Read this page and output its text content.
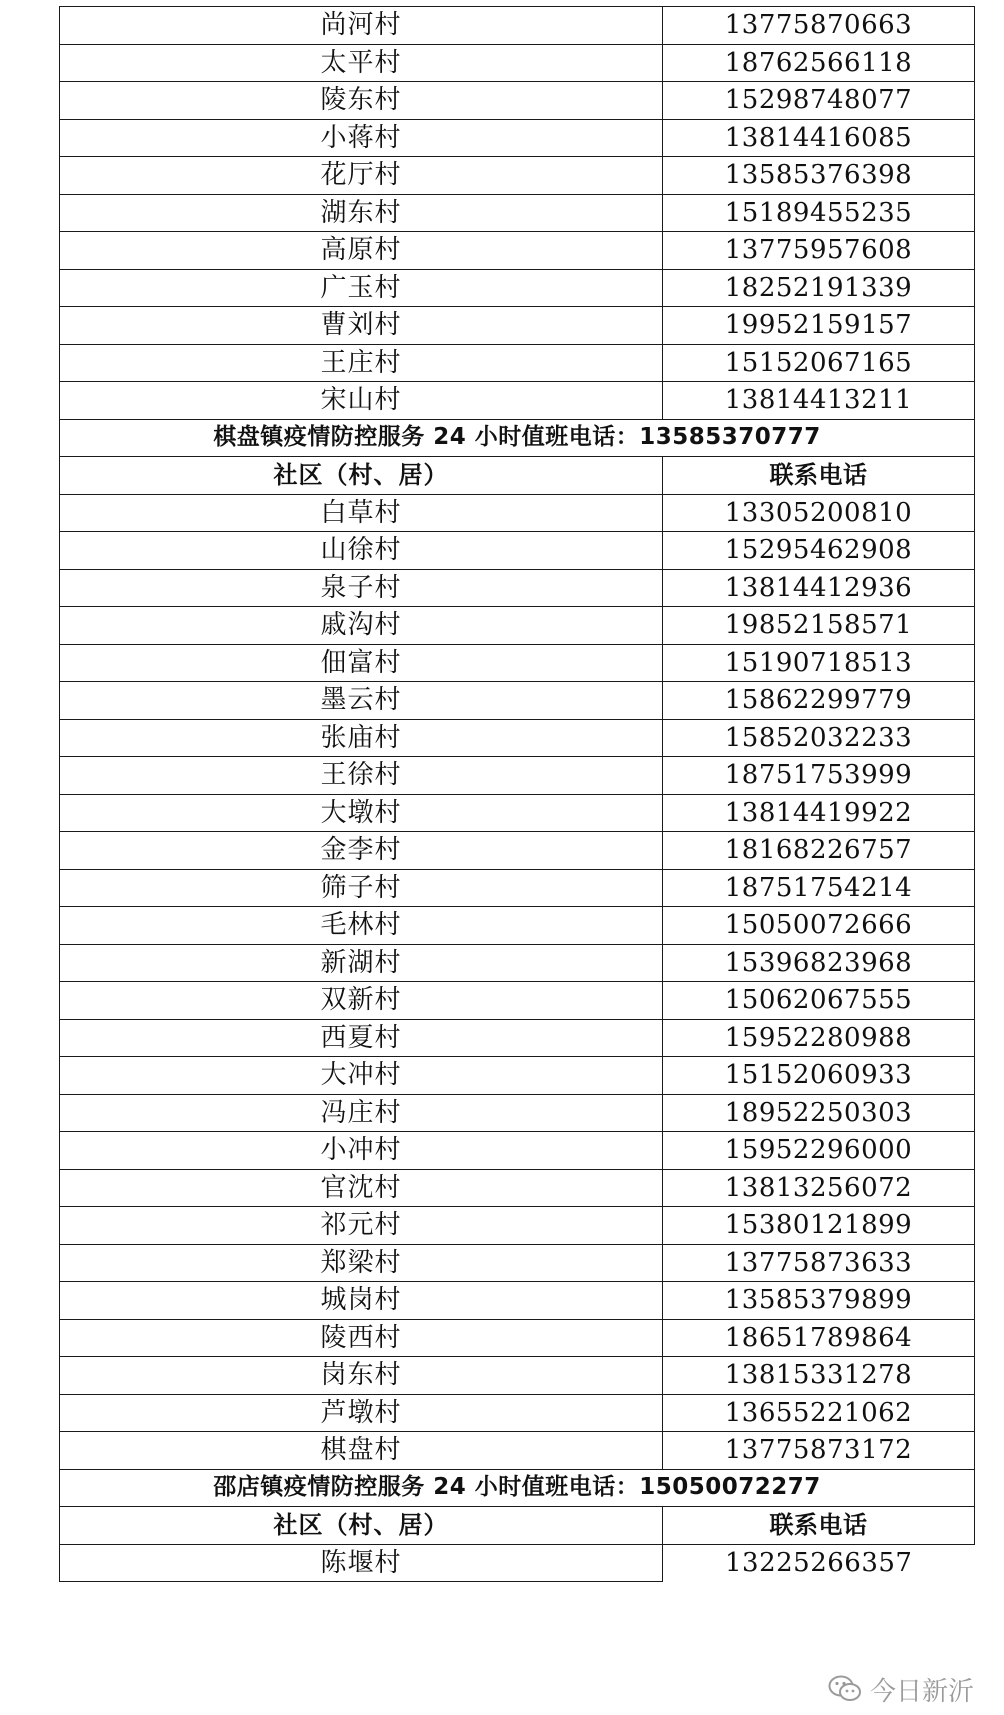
尚河村	13775870663
太平村	18762566118
陵东村	15298748077
小蒋村	13814416085
花厅村	13585376398
湖东村	15189455235
高原村	13775957608
广玉村	18252191339
曹刘村	19952159157
王庄村	15152067165
宋山村	13814413211
棋盘镇疫情防控服务 24 小时值班电话：13585370777	
社区（村、居）	联系电话
白草村	13305200810
山徐村	15295462908
泉子村	13814412936
戚沟村	19852158571
佃富村	15190718513
墨云村	15862299779
张庙村	15852032233
王徐村	18751753999
大墩村	13814419922
金李村	18168226757
筛子村	18751754214
毛林村	15050072666
新湖村	15396823968
双新村	15062067555
西夏村	15952280988
大冲村	15152060933
冯庄村	18952250303
小冲村	15952296000
官沈村	13813256072
祁元村	15380121899
郑梁村	13775873633
城岗村	13585379899
陵西村	18651789864
岗东村	13815331278
芦墩村	13655221062
棋盘村	13775873172
邵店镇疫情防控服务 24 小时值班电话：15050072277	
社区（村、居）	联系电话
陈堰村	13225266357
今日新沂
